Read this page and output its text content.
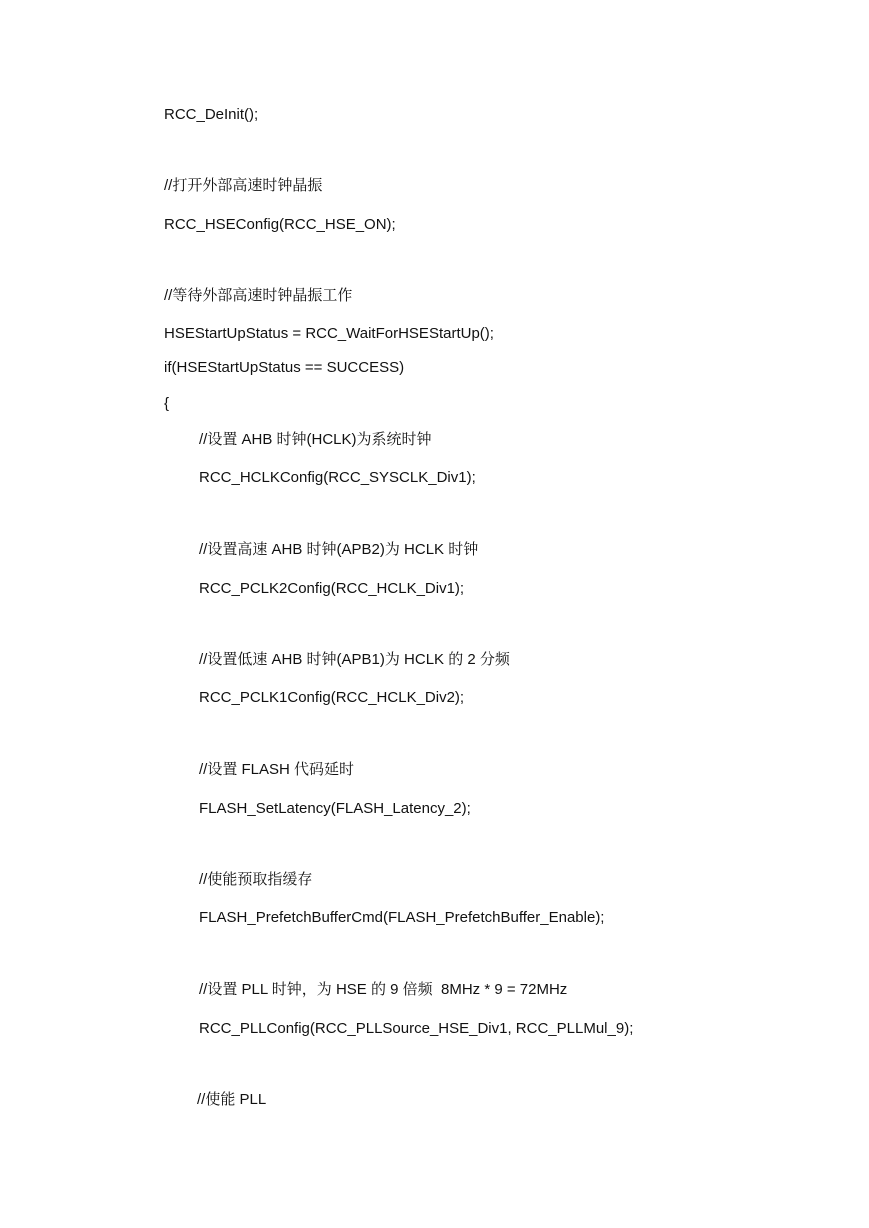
RCC_DeInit();
//打开外部高速时钟晶振
RCC_HSEConfig(RCC_HSE_ON);
//等待外部高速时钟晶振工作
HSEStartUpStatus = RCC_WaitForHSEStartUp();
if(HSEStartUpStatus == SUCCESS)
{
//设置 AHB 时钟(HCLK)为系统时钟
RCC_HCLKConfig(RCC_SYSCLK_Div1);
//设置高速 AHB 时钟(APB2)为 HCLK 时钟
RCC_PCLK2Config(RCC_HCLK_Div1);
//设置低速 AHB 时钟(APB1)为 HCLK 的 2 分频
RCC_PCLK1Config(RCC_HCLK_Div2);
//设置 FLASH 代码延时
FLASH_SetLatency(FLASH_Latency_2);
//使能预取指缓存
FLASH_PrefetchBufferCmd(FLASH_PrefetchBuffer_Enable);
//设置 PLL 时钟，为 HSE 的 9 倍频  8MHz * 9 = 72MHz
RCC_PLLConfig(RCC_PLLSource_HSE_Div1, RCC_PLLMul_9);
//使能 PLL
